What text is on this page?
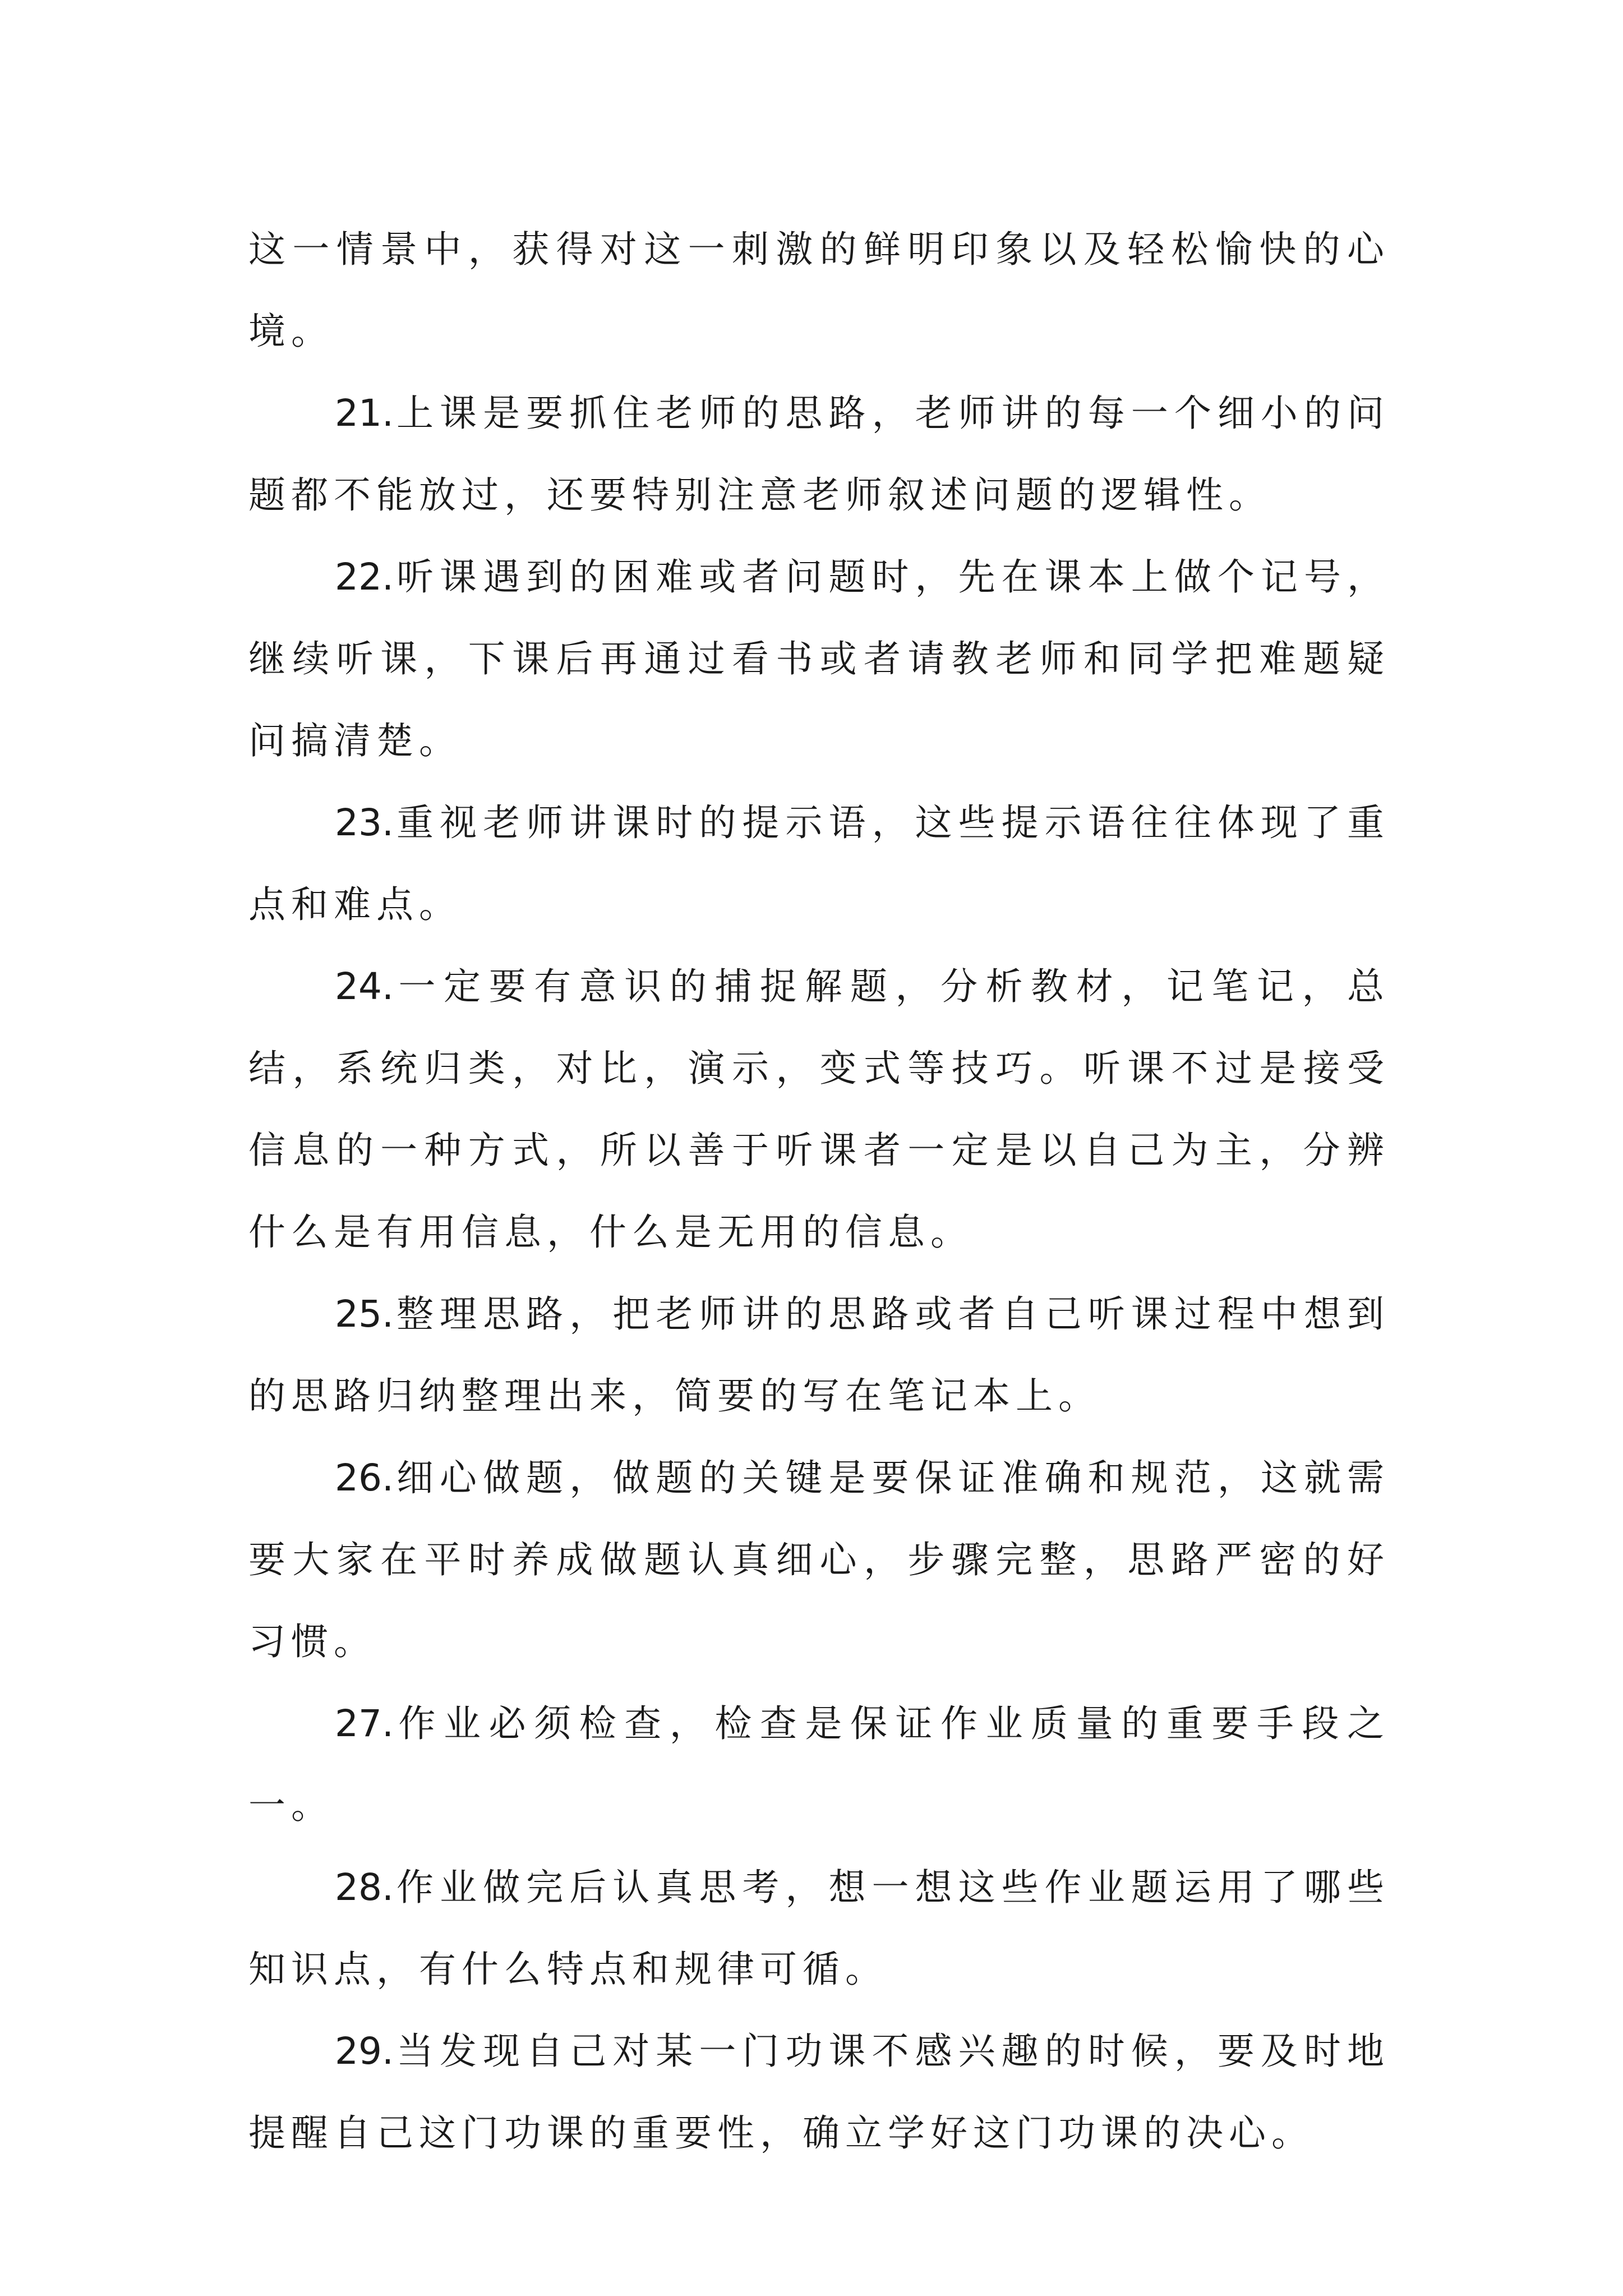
这一情景中，获得对这一刺激的鲜明印象以及轻松愉快的心境。

21.上课是要抓住老师的思路，老师讲的每一个细小的问题都不能放过，还要特别注意老师叙述问题的逻辑性。

22.听课遇到的困难或者问题时，先在课本上做个记号，继续听课，下课后再通过看书或者请教老师和同学把难题疑问搞清楚。

23.重视老师讲课时的提示语，这些提示语往往体现了重点和难点。

24.一定要有意识的捕捉解题，分析教材，记笔记，总结，系统归类，对比，演示，变式等技巧。听课不过是接受信息的一种方式，所以善于听课者一定是以自己为主，分辨什么是有用信息，什么是无用的信息。

25.整理思路，把老师讲的思路或者自己听课过程中想到的思路归纳整理出来，简要的写在笔记本上。

26.细心做题，做题的关键是要保证准确和规范，这就需要大家在平时养成做题认真细心，步骤完整，思路严密的好习惯。

27.作业必须检查，检查是保证作业质量的重要手段之一。

28.作业做完后认真思考，想一想这些作业题运用了哪些知识点，有什么特点和规律可循。

29.当发现自己对某一门功课不感兴趣的时候，要及时地提醒自己这门功课的重要性，确立学好这门功课的决心。
